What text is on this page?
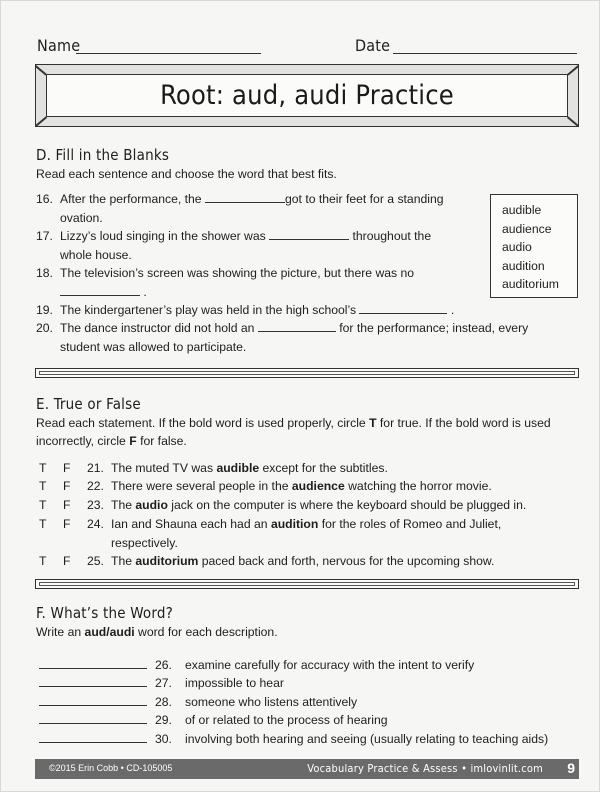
Name	Date
Root: aud, audi Practice
D. Fill in the Blanks
Read each sentence and choose the word that best fits.
16. After the performance, the	got to their feet for a standing ovation.
17. Lizzy’s loud singing in the shower was	throughout the whole house.
18. The television’s screen was showing the picture, but there was no  .
19. The kindergartener’s play was held in the high school’s	.
20. The dance instructor did not hold an	for the performance; instead, every student was allowed to participate.
audible
audience
audio
audition
auditorium
E. True or False
Read each statement. If the bold word is used properly, circle T for true. If the bold word is used incorrectly, circle F for false.
T	F	21. The muted TV was audible except for the subtitles.
T	F	22. There were several people in the audience watching the horror movie.
T	F	23. The audio jack on the computer is where the keyboard should be plugged in.
T	F	24. Ian and Shauna each had an audition for the roles of Romeo and Juliet, respectively.
T	F	25. The auditorium paced back and forth, nervous for the upcoming show.
F. What’s the Word?
Write an aud/audi word for each description.
26.	examine carefully for accuracy with the intent to verify
27.	impossible to hear
28.	someone who listens attentively
29.	of or related to the process of hearing
30.	involving both hearing and seeing (usually relating to teaching aids)
©2015 Erin Cobb • CD-105005	Vocabulary Practice & Assess • imlovinlit.com 9
